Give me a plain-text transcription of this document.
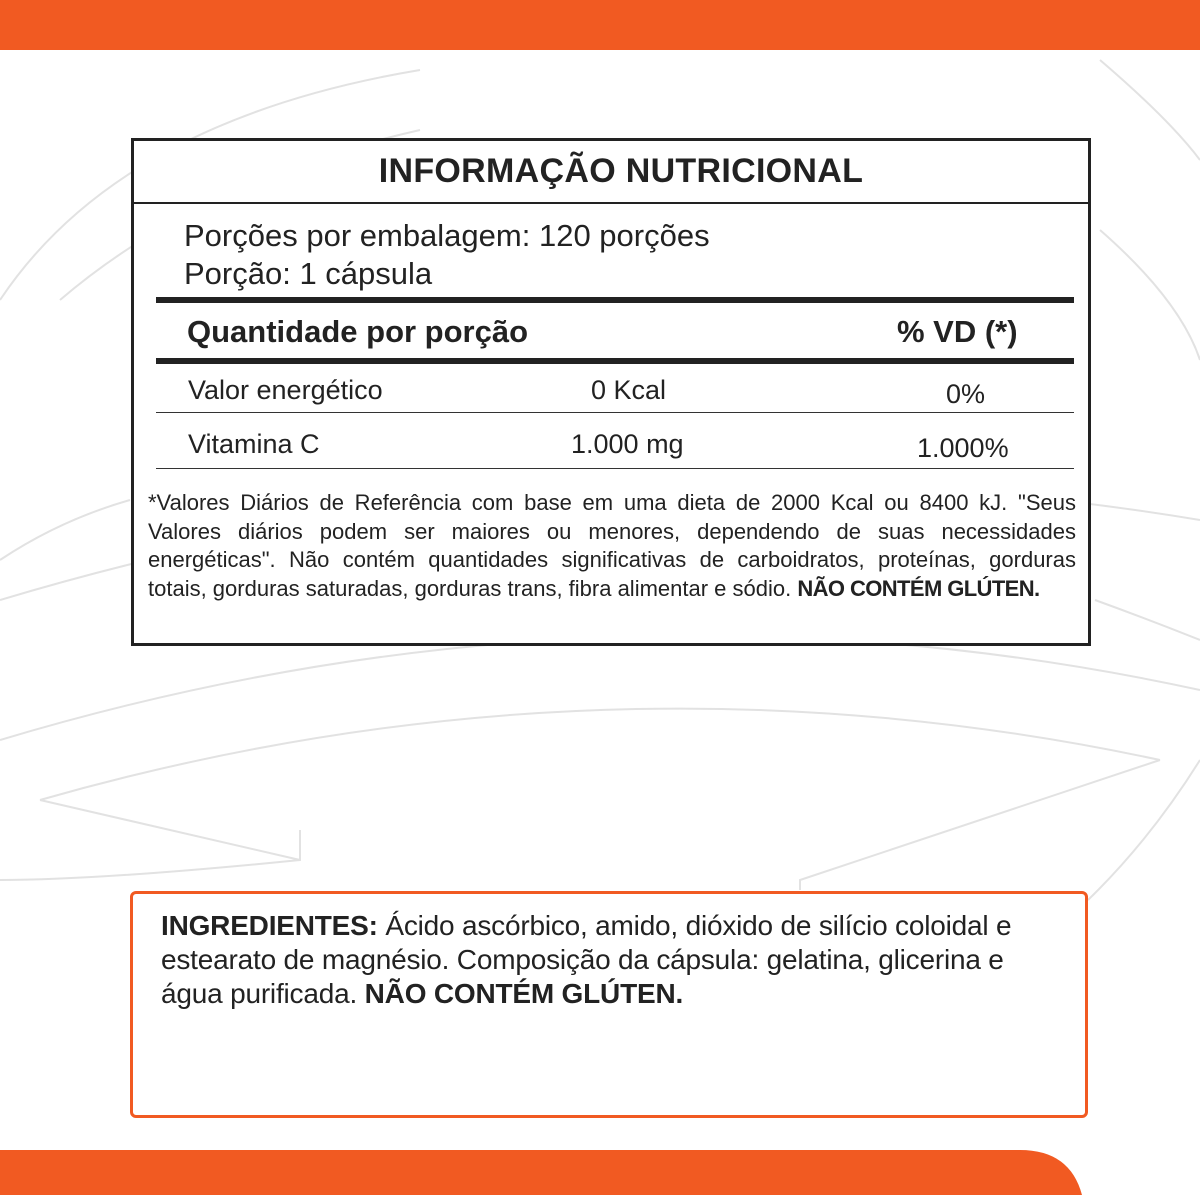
INFORMAÇÃO NUTRICIONAL
Porções por embalagem: 120 porções
Porção: 1 cápsula
Quantidade por porção	% VD (*)
Valor energético	0 Kcal	0%
Vitamina C	1.000 mg	1.000%
*Valores Diários de Referência com base em uma dieta de 2000 Kcal ou 8400 kJ. "Seus Valores diários podem ser maiores ou menores, dependendo de suas necessidades energéticas". Não contém quantidades significativas de carboidratos, proteínas, gorduras totais, gorduras saturadas, gorduras trans, fibra alimentar e sódio. NÃO CONTÉM GLÚTEN.
INGREDIENTES: Ácido ascórbico, amido, dióxido de silício coloidal e estearato de magnésio. Composição da cápsula: gelatina, glicerina e água purificada. NÃO CONTÉM GLÚTEN.
